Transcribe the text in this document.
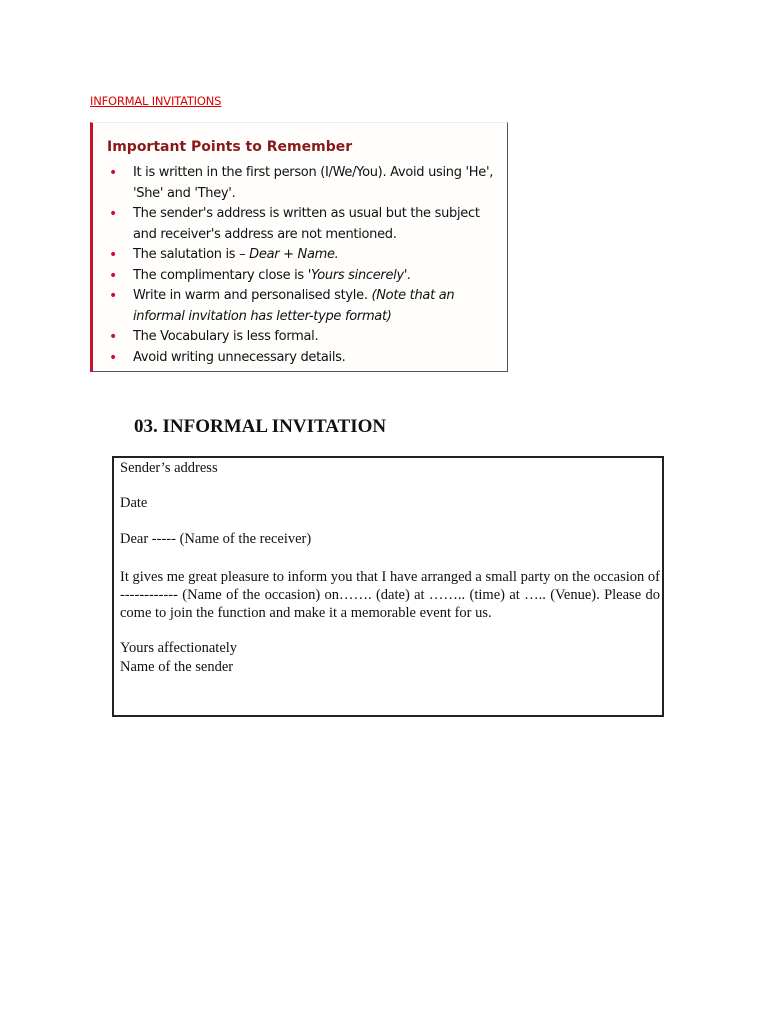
INFORMAL INVITATIONS
Important Points to Remember
• It is written in the first person (I/We/You). Avoid using 'He', 'She' and 'They'.
• The sender's address is written as usual but the subject and receiver's address are not mentioned.
• The salutation is – Dear + Name.
• The complimentary close is 'Yours sincerely'.
• Write in warm and personalised style. (Note that an informal invitation has letter-type format)
• The Vocabulary is less formal.
• Avoid writing unnecessary details.
03. INFORMAL INVITATION
Sender’s address
Date
Dear ----- (Name of the receiver)
It gives me great pleasure to inform you that I have arranged a small party on the occasion of ------------ (Name of the occasion) on……. (date) at …….. (time) at ….. (Venue). Please do come to join the function and make it a memorable event for us.
Yours affectionately
Name of the sender
